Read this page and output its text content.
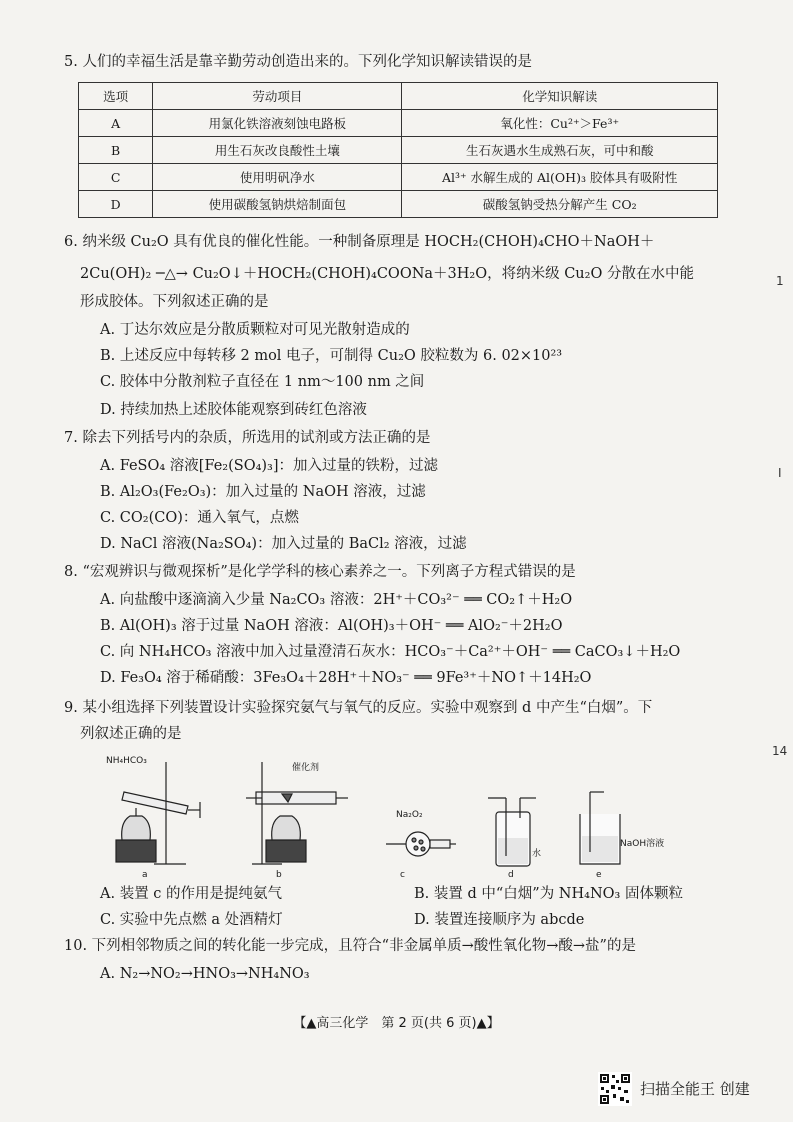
5. 人们的幸福生活是靠辛勤劳动创造出来的。下列化学知识解读错误的是
选项	劳动项目	化学知识解读
A	用氯化铁溶液刻蚀电路板	氧化性：Cu²⁺＞Fe³⁺
B	用生石灰改良酸性土壤	生石灰遇水生成熟石灰，可中和酸
C	使用明矾净水	Al³⁺ 水解生成的 Al(OH)₃ 胶体具有吸附性
D	使用碳酸氢钠烘焙制面包	碳酸氢钠受热分解产生 CO₂
6. 纳米级 Cu₂O 具有优良的催化性能。一种制备原理是 HOCH₂(CHOH)₄CHO＋NaOH＋
2Cu(OH)₂ ─△→ Cu₂O↓＋HOCH₂(CHOH)₄COONa＋3H₂O，将纳米级 Cu₂O 分散在水中能
形成胶体。下列叙述正确的是
A. 丁达尔效应是分散质颗粒对可见光散射造成的
B. 上述反应中每转移 2 mol 电子，可制得 Cu₂O 胶粒数为 6. 02×10²³
C. 胶体中分散剂粒子直径在 1 nm～100 nm 之间
D. 持续加热上述胶体能观察到砖红色溶液
7. 除去下列括号内的杂质，所选用的试剂或方法正确的是
A. FeSO₄ 溶液[Fe₂(SO₄)₃]：加入过量的铁粉，过滤
B. Al₂O₃(Fe₂O₃)：加入过量的 NaOH 溶液，过滤
C. CO₂(CO)：通入氧气，点燃
D. NaCl 溶液(Na₂SO₄)：加入过量的 BaCl₂ 溶液，过滤
8. “宏观辨识与微观探析”是化学学科的核心素养之一。下列离子方程式错误的是
A. 向盐酸中逐滴滴入少量 Na₂CO₃ 溶液：2H⁺＋CO₃²⁻ ══ CO₂↑＋H₂O
B. Al(OH)₃ 溶于过量 NaOH 溶液：Al(OH)₃＋OH⁻ ══ AlO₂⁻＋2H₂O
C. 向 NH₄HCO₃ 溶液中加入过量澄清石灰水：HCO₃⁻＋Ca²⁺＋OH⁻ ══ CaCO₃↓＋H₂O
D. Fe₃O₄ 溶于稀硝酸：3Fe₃O₄＋28H⁺＋NO₃⁻ ══ 9Fe³⁺＋NO↑＋14H₂O
9. 某小组选择下列装置设计实验探究氨气与氧气的反应。实验中观察到 d 中产生“白烟”。下
列叙述正确的是
NH₄HCO₃
催化剂
Na₂O₂
水
NaOH溶液
a	b	c	d	e
A. 装置 c 的作用是提纯氨气	B. 装置 d 中“白烟”为 NH₄NO₃ 固体颗粒
C. 实验中先点燃 a 处酒精灯	D. 装置连接顺序为 abcde
10. 下列相邻物质之间的转化能一步完成，且符合“非金属单质→酸性氧化物→酸→盐”的是
A. N₂→NO₂→HNO₃→NH₄NO₃
【▲高三化学　第 2 页(共 6 页)▲】
1
I
14
扫描全能王 创建
